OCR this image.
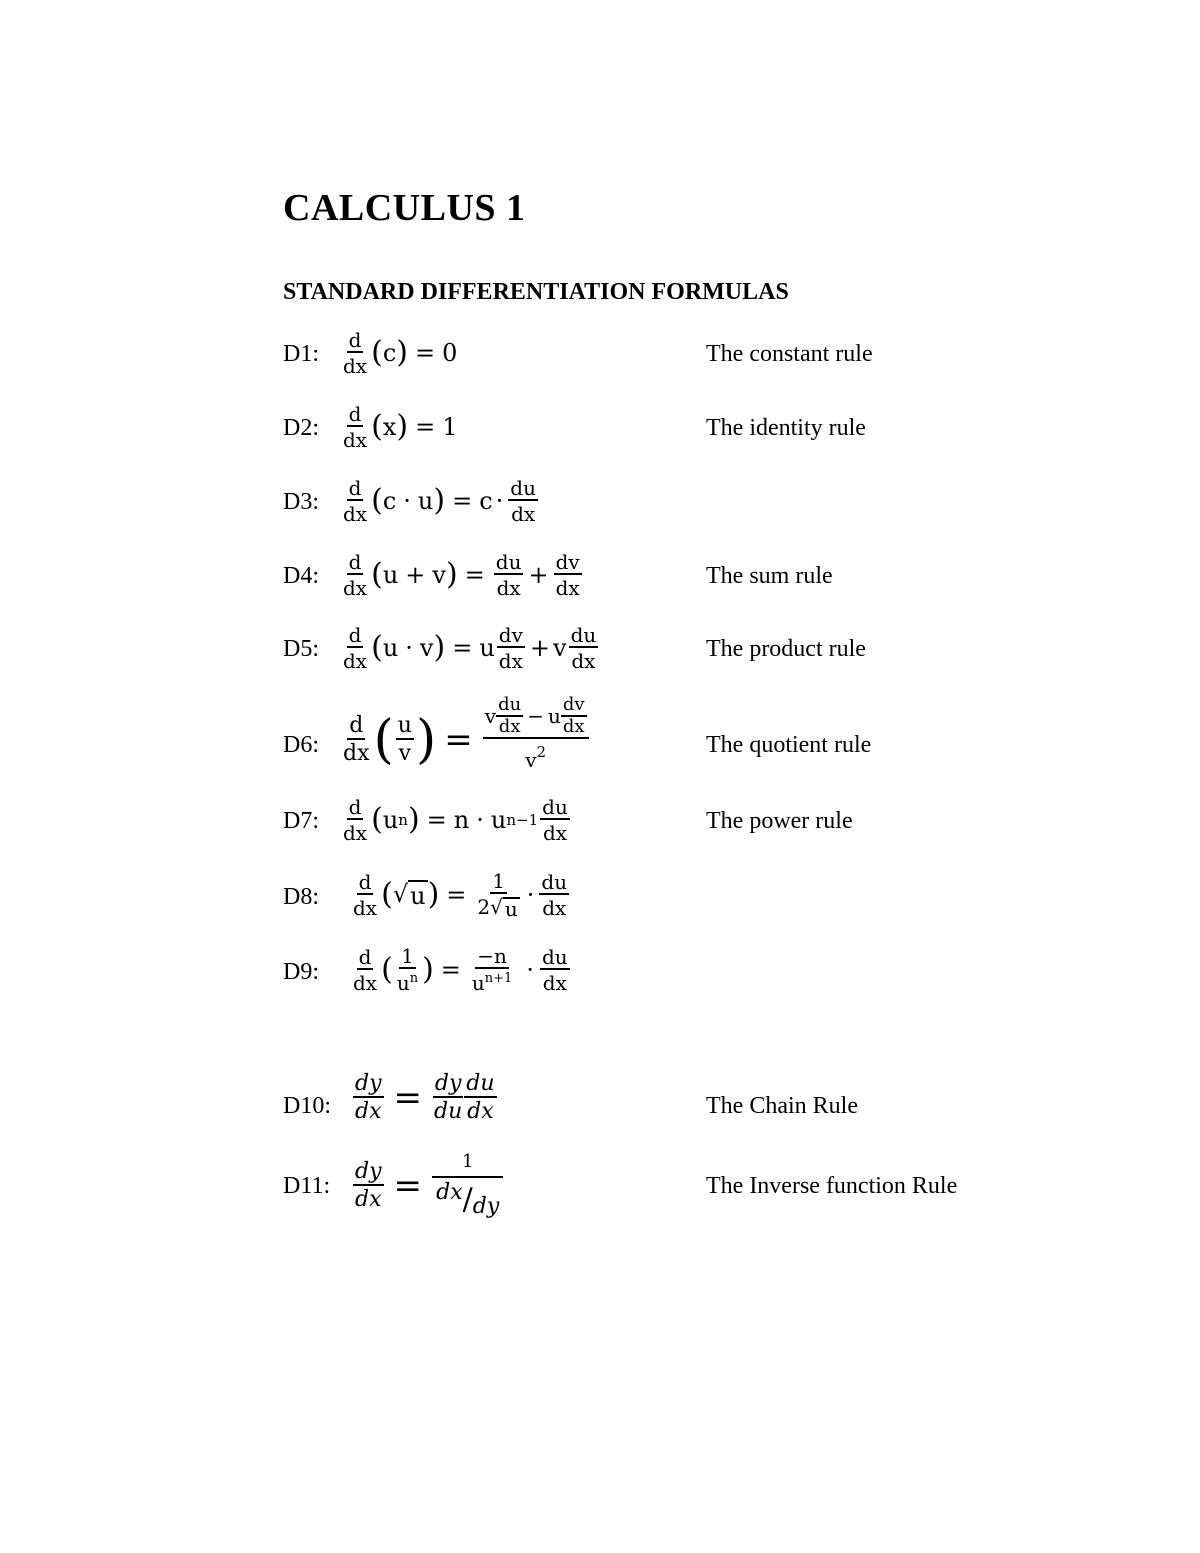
CALCULUS 1
STANDARD DIFFERENTIATION FORMULAS
D1: $\frac{d}{dx}$ ( c ) = 0	The constant rule
D2: $\frac{d}{dx}$ ( x ) = 1	The identity rule
D3: $\frac{d}{dx}$ ( c · u ) = $c \cdot \frac{du}{dx}$
D4: $\frac{d}{dx}$ ( u + v ) = $\frac{du}{dx} + \frac{dv}{dx}$	The sum rule
D5: $\frac{d}{dx}$ ( u · v ) = u $\frac{dv}{dx} + v \frac{du}{dx}$	The product rule
D6: $\frac{d}{dx}$ ( $\frac{u}{v}$ ) = $\frac{v \frac{du}{dx} - u \frac{dv}{dx}}{v^2}$	The quotient rule
D7: $\frac{d}{dx}$ ( u n ) = n · u $n-1 \frac{du}{dx}$	The power rule
D8: $\frac{d}{dx}$ ( √ u ) = $\frac{1}{2 √ u} \cdot \frac{du}{dx}$
D9: $\frac{d}{dx}$ ( $\frac{1}{u^n}$ ) = $\frac{-n}{u^{n+1}} \cdot \frac{du}{dx}$
D10: $\frac{dy}{dx} = \frac{dy}{du} \frac{du}{dx}$	The Chain Rule
D11: $\frac{dy}{dx} = \frac{1}{dx/dy}$	The Inverse function Rule
